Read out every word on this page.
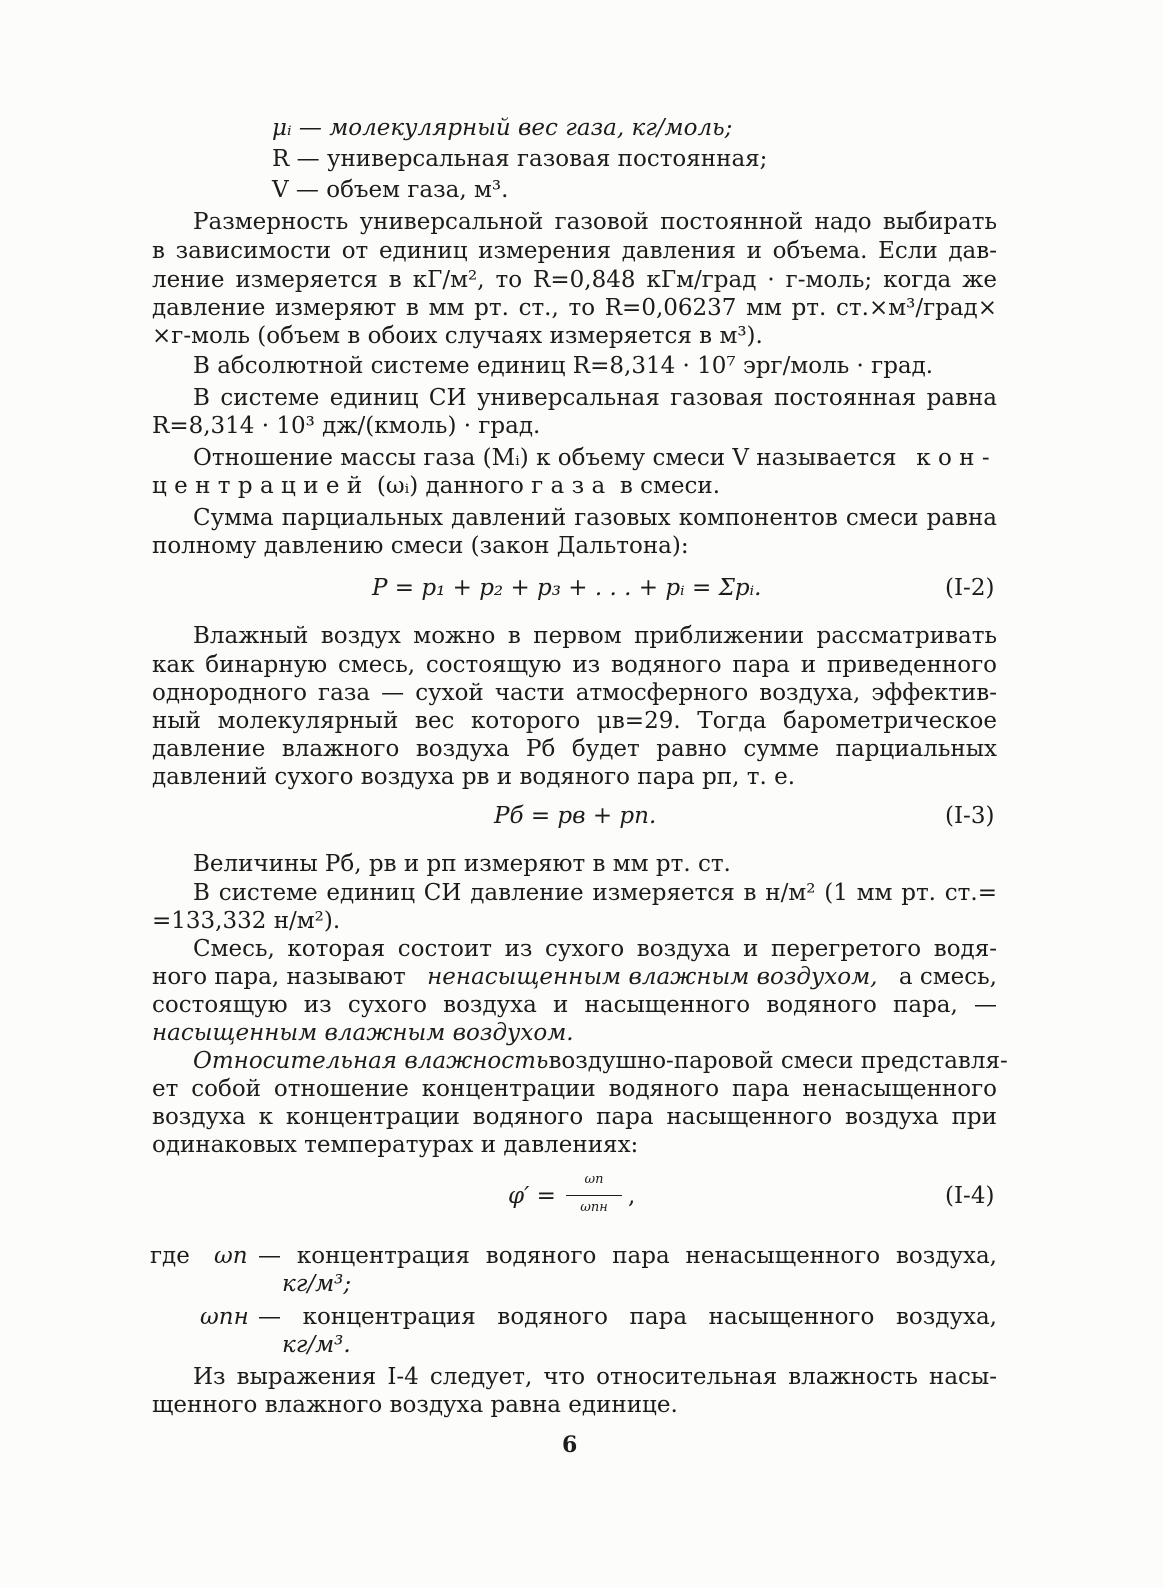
μᵢ — молекулярный вес газа, кг/моль;
R — универсальная газовая постоянная;
V — объем газа, м³.
Размерность универсальной газовой постоянной надо выбирать
в зависимости от единиц измерения давления и объема. Если дав-
ление измеряется в кГ/м², то R=0,848 кГм/град · г-моль; когда же
давление измеряют в мм рт. ст., то R=0,06237 мм рт. ст.×м³/град×
×г-моль (объем в обоих случаях измеряется в м³).
В абсолютной системе единиц R=8,314 · 10⁷ эрг/моль · град.
В системе единиц СИ универсальная газовая постоянная равна
R=8,314 · 10³ дж/(кмоль) · град.
Отношение массы газа (Mᵢ) к объему смеси V называется кон-
центрацией (ωᵢ) данного газа в смеси.
Сумма парциальных давлений газовых компонентов смеси равна
полному давлению смеси (закон Дальтона):
P = p₁ + p₂ + p₃ + . . . + pᵢ = Σpᵢ.	(I-2)
Влажный воздух можно в первом приближении рассматривать
как бинарную смесь, состоящую из водяного пара и приведенного
однородного газа — сухой части атмосферного воздуха, эффектив-
ный молекулярный вес которого μв=29. Тогда барометрическое
давление влажного воздуха Pб будет равно сумме парциальных
давлений сухого воздуха pв и водяного пара pп, т. е.
Pб = pв + pп.	(I-3)
Величины Pб, pв и pп измеряют в мм рт. ст.
В системе единиц СИ давление измеряется в н/м² (1 мм рт. ст.=
=133,332 н/м²).
Смесь, которая состоит из сухого воздуха и перегретого водя-
ного пара, называют ненасыщенным влажным воздухом, а смесь,
состоящую из сухого воздуха и насыщенного водяного пара, —
насыщенным влажным воздухом.
Относительная влажность воздушно-паровой смеси представля-
ет собой отношение концентрации водяного пара ненасыщенного
воздуха к концентрации водяного пара насыщенного воздуха при
одинаковых температурах и давлениях:
φ′ =
ωп
ωпн ,	(I-4)
где ωп — концентрация водяного пара ненасыщенного воздуха,
кг/м³;
ωпн — концентрация водяного пара насыщенного воздуха,
кг/м³.
Из выражения I-4 следует, что относительная влажность насы-
щенного влажного воздуха равна единице.
6
